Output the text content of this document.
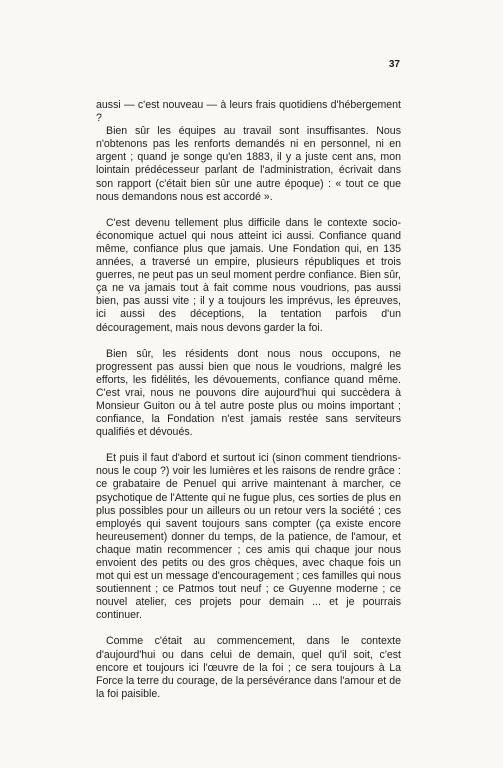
37

aussi — c'est nouveau — à leurs frais quotidiens d'hébergement ?

Bien sûr les équipes au travail sont insuffisantes. Nous n'obtenons pas les renforts demandés ni en personnel, ni en argent ; quand je songe qu'en 1883, il y a juste cent ans, mon lointain prédécesseur parlant de l'administration, écrivait dans son rapport (c'était bien sûr une autre époque) : « tout ce que nous demandons nous est accordé ».

C'est devenu tellement plus difficile dans le contexte socio-économique actuel qui nous atteint ici aussi. Confiance quand même, confiance plus que jamais. Une Fondation qui, en 135 années, a traversé un empire, plusieurs républiques et trois guerres, ne peut pas un seul moment perdre confiance. Bien sûr, ça ne va jamais tout à fait comme nous voudrions, pas aussi bien, pas aussi vite ; il y a toujours les imprévus, les épreuves, ici aussi des déceptions, la tentation parfois d'un découragement, mais nous devons garder la foi.

Bien sûr, les résidents dont nous nous occupons, ne progressent pas aussi bien que nous le voudrions, malgré les efforts, les fidélités, les dévouements, confiance quand même. C'est vrai, nous ne pouvons dire aujourd'hui qui succèdera à Monsieur Guiton ou à tel autre poste plus ou moins important ; confiance, la Fondation n'est jamais restée sans serviteurs qualifiés et dévoués.

Et puis il faut d'abord et surtout ici (sinon comment tiendrions-nous le coup ?) voir les lumières et les raisons de rendre grâce : ce grabataire de Penuel qui arrive maintenant à marcher, ce psychotique de l'Attente qui ne fugue plus, ces sorties de plus en plus possibles pour un ailleurs ou un retour vers la société ; ces employés qui savent toujours sans compter (ça existe encore heureusement) donner du temps, de la patience, de l'amour, et chaque matin recommencer ; ces amis qui chaque jour nous envoient des petits ou des gros chèques, avec chaque fois un mot qui est un message d'encouragement ; ces familles qui nous soutiennent ; ce Patmos tout neuf ; ce Guyenne moderne ; ce nouvel atelier, ces projets pour demain ... et je pourrais continuer.

Comme c'était au commencement, dans le contexte d'aujourd'hui ou dans celui de demain, quel qu'il soit, c'est encore et toujours ici l'œuvre de la foi ; ce sera toujours à La Force la terre du courage, de la persévérance dans l'amour et de la foi paisible.
